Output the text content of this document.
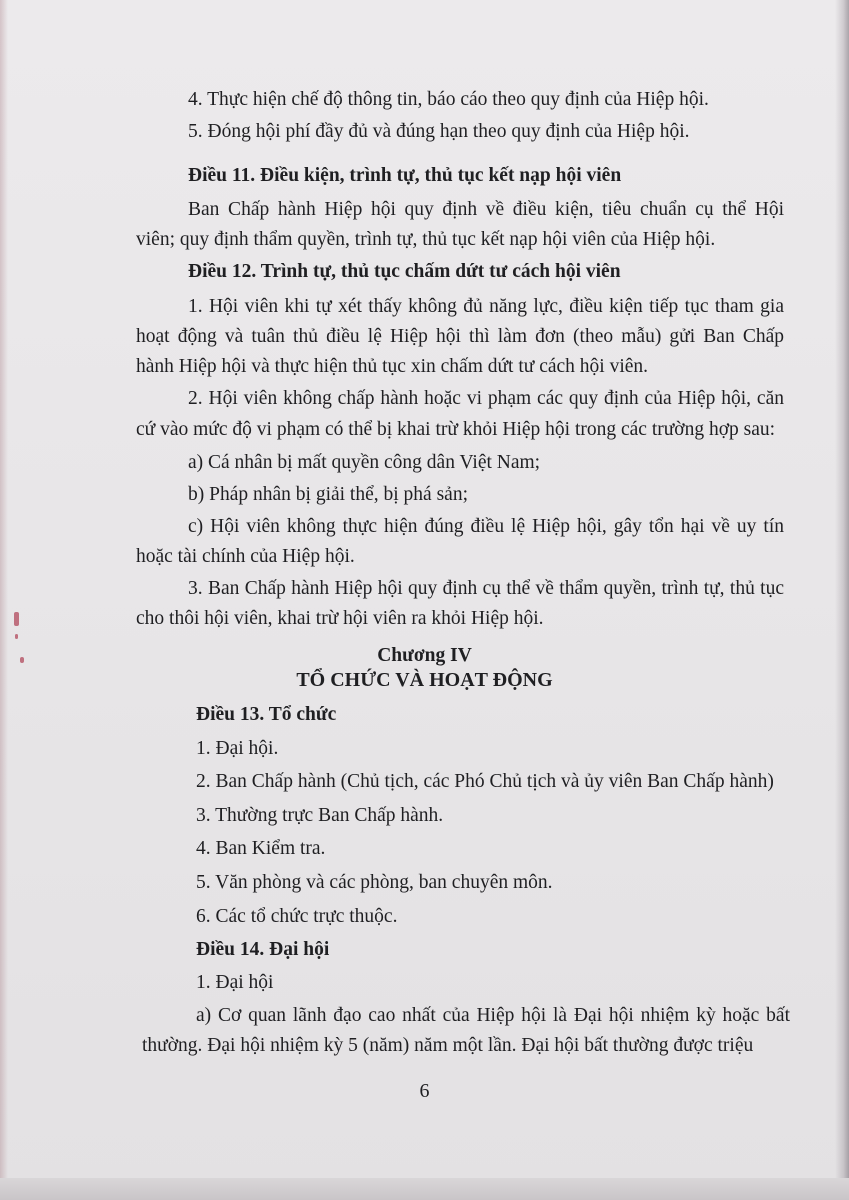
4. Thực hiện chế độ thông tin, báo cáo theo quy định của Hiệp hội.

5. Đóng hội phí đầy đủ và đúng hạn theo quy định của Hiệp hội.

Điều 11. Điều kiện, trình tự, thủ tục kết nạp hội viên

Ban Chấp hành Hiệp hội quy định về điều kiện, tiêu chuẩn cụ thể Hội

viên; quy định thẩm quyền, trình tự, thủ tục kết nạp hội viên của Hiệp hội.

Điều 12. Trình tự, thủ tục chấm dứt tư cách hội viên

1. Hội viên khi tự xét thấy không đủ năng lực, điều kiện tiếp tục tham gia

hoạt động và tuân thủ điều lệ Hiệp hội thì làm đơn (theo mẫu) gửi Ban Chấp

hành Hiệp hội và thực hiện thủ tục xin chấm dứt tư cách hội viên.

2. Hội viên không chấp hành hoặc vi phạm các quy định của Hiệp hội, căn

cứ vào mức độ vi phạm có thể bị khai trừ khỏi Hiệp hội trong các trường hợp sau:

a) Cá nhân bị mất quyền công dân Việt Nam;

b) Pháp nhân bị giải thể, bị phá sản;

c) Hội viên không thực hiện đúng điều lệ Hiệp hội, gây tổn hại về uy tín

hoặc tài chính của Hiệp hội.

3. Ban Chấp hành Hiệp hội quy định cụ thể về thẩm quyền, trình tự, thủ tục

cho thôi hội viên, khai trừ hội viên ra khỏi Hiệp hội.

Chương IV

TỔ CHỨC VÀ HOẠT ĐỘNG

Điều 13. Tổ chức

1. Đại hội.

2. Ban Chấp hành (Chủ tịch, các Phó Chủ tịch và ủy viên Ban Chấp hành)

3. Thường trực Ban Chấp hành.

4. Ban Kiểm tra.

5. Văn phòng và các phòng, ban chuyên môn.

6. Các tổ chức trực thuộc.

Điều 14. Đại hội

1. Đại hội

a) Cơ quan lãnh đạo cao nhất của Hiệp hội là Đại hội nhiệm kỳ hoặc bất

thường. Đại hội nhiệm kỳ 5 (năm) năm một lần. Đại hội bất thường được triệu

6
